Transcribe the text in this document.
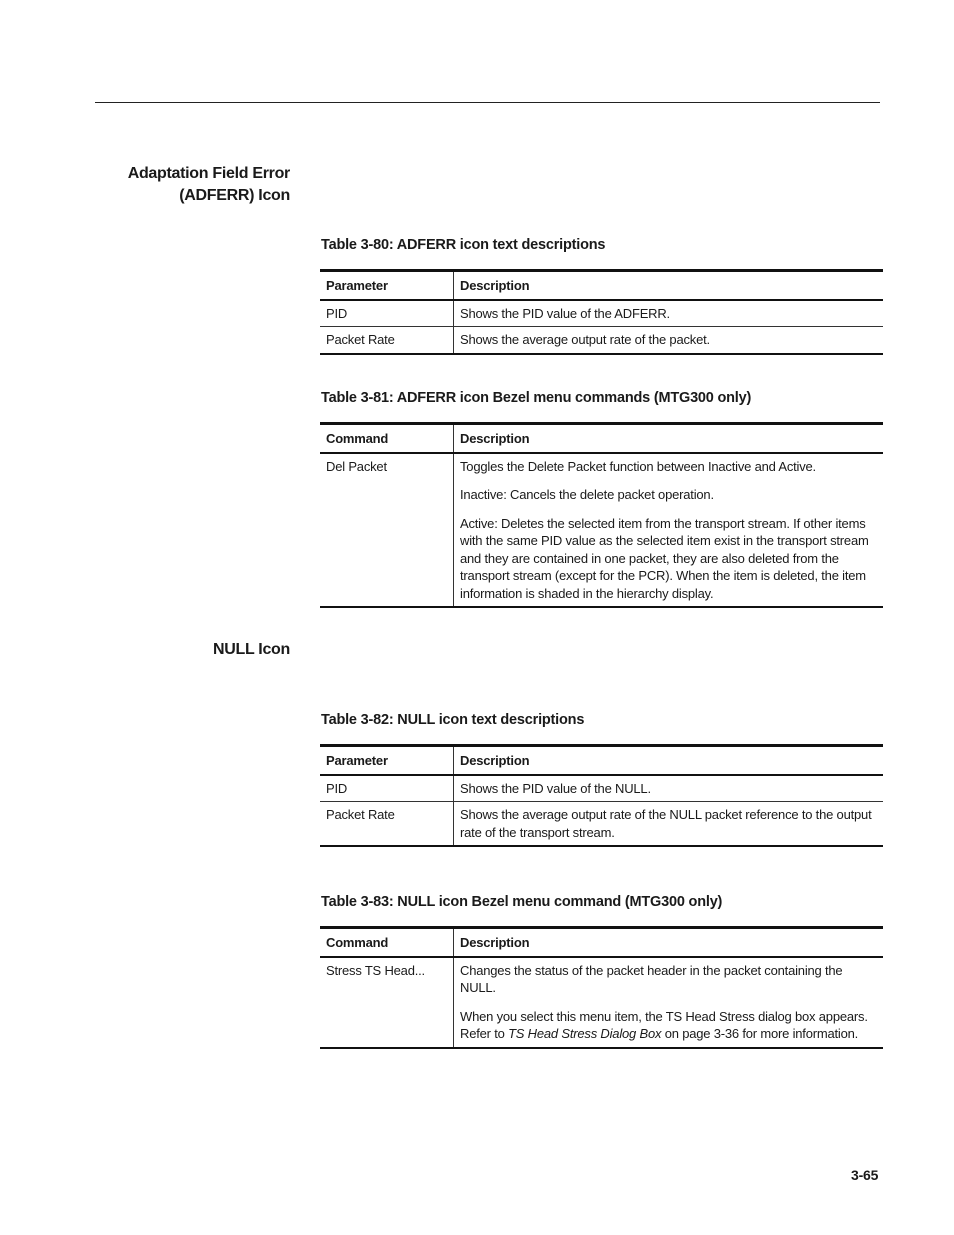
Adaptation Field Error
(ADFERR) Icon
Table 3-80: ADFERR icon text descriptions
Parameter	Description
PID	Shows the PID value of the ADFERR.
Packet Rate	Shows the average output rate of the packet.
Table 3-81: ADFERR icon Bezel menu commands (MTG300 only)
Command	Description
Del Packet	Toggles the Delete Packet function between Inactive and Active.

Inactive: Cancels the delete packet operation.

Active: Deletes the selected item from the transport stream. If other items with the same PID value as the selected item exist in the transport stream and they are contained in one packet, they are also deleted from the transport stream (except for the PCR). When the item is deleted, the item information is shaded in the hierarchy display.

NULL Icon
Table 3-82: NULL icon text descriptions
Parameter	Description
PID	Shows the PID value of the NULL.
Packet Rate	Shows the average output rate of the NULL packet reference to the output rate of the transport stream.
Table 3-83: NULL icon Bezel menu command (MTG300 only)
Command	Description
Stress TS Head...	Changes the status of the packet header in the packet containing the NULL.

When you select this menu item, the TS Head Stress dialog box appears. Refer to TS Head Stress Dialog Box on page 3-36 for more information.

3-65
